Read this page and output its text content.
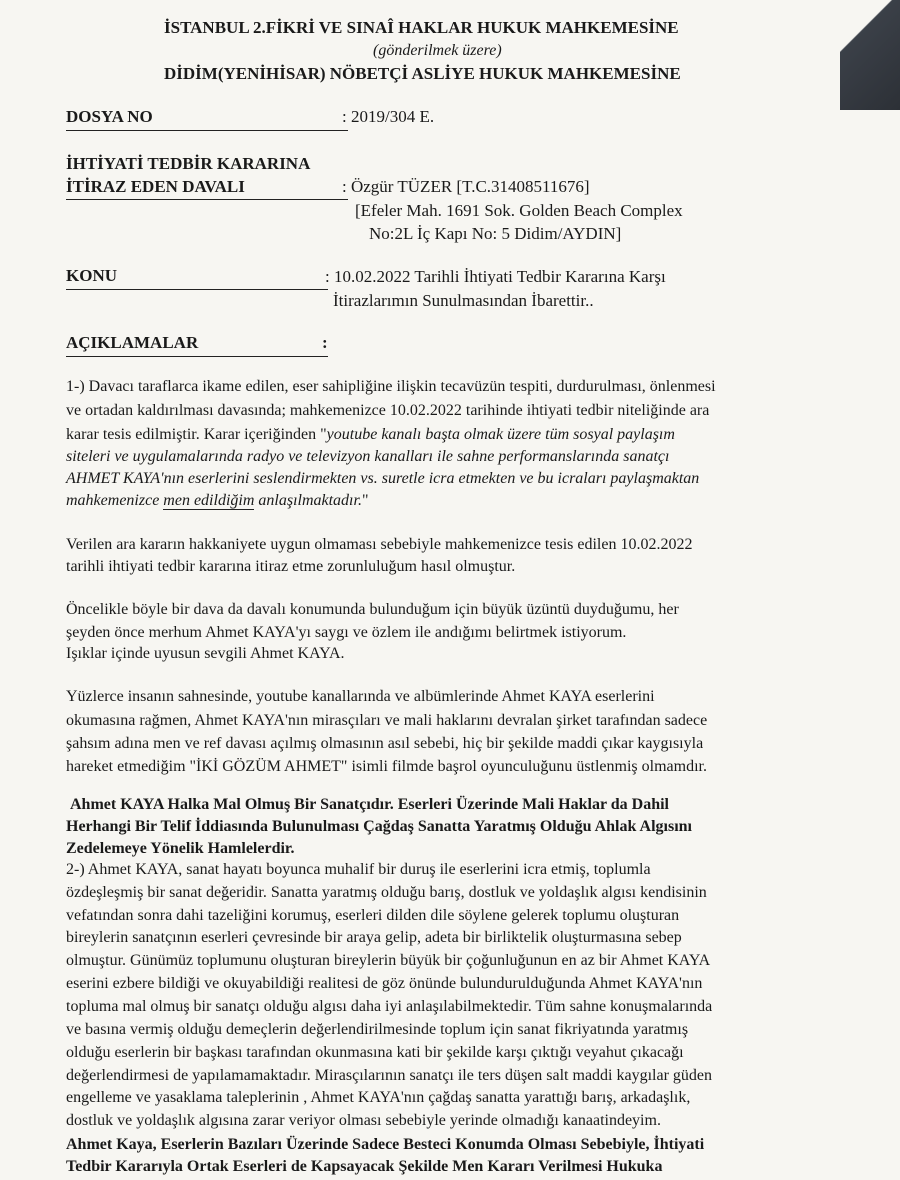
İSTANBUL 2.FİKRİ VE SINAÎ HAKLAR HUKUK MAHKEMESİNE
(gönderilmek üzere)
DİDİM(YENİHİSAR) NÖBETÇİ ASLİYE HUKUK MAHKEMESİNE
DOSYA NO	: 2019/304 E.
İHTİYATİ TEDBİR KARARINA
İTİRAZ EDEN DAVALI	: Özgür TÜZER [T.C.31408511676]
[Efeler Mah. 1691 Sok. Golden Beach Complex
No:2L İç Kapı No: 5 Didim/AYDIN]
KONU	: 10.02.2022 Tarihli İhtiyati Tedbir Kararına Karşı
İtirazlarımın Sunulmasından İbarettir..
AÇIKLAMALAR	:
1-) Davacı taraflarca ikame edilen, eser sahipliğine ilişkin tecavüzün tespiti, durdurulması, önlenmesi
ve ortadan kaldırılması davasında; mahkemenizce 10.02.2022 tarihinde ihtiyati tedbir niteliğinde ara
karar tesis edilmiştir. Karar içeriğinden "youtube kanalı başta olmak üzere tüm sosyal paylaşım
siteleri ve uygulamalarında radyo ve televizyon kanalları ile sahne performanslarında sanatçı
AHMET KAYA'nın eserlerini seslendirmekten vs. suretle icra etmekten ve bu icraları paylaşmaktan
mahkemenizce men edildiğim anlaşılmaktadır."
Verilen ara kararın hakkaniyete uygun olmaması sebebiyle mahkemenizce tesis edilen 10.02.2022
tarihli ihtiyati tedbir kararına itiraz etme zorunluluğum hasıl olmuştur.
Öncelikle böyle bir dava da davalı konumunda bulunduğum için büyük üzüntü duyduğumu, her
şeyden önce merhum Ahmet KAYA'yı saygı ve özlem ile andığımı belirtmek istiyorum.
Işıklar içinde uyusun sevgili Ahmet KAYA.
Yüzlerce insanın sahnesinde, youtube kanallarında ve albümlerinde Ahmet KAYA eserlerini
okumasına rağmen, Ahmet KAYA'nın mirasçıları ve mali haklarını devralan şirket tarafından sadece
şahsım adına men ve ref davası açılmış olmasının asıl sebebi, hiç bir şekilde maddi çıkar kaygısıyla
hareket etmediğim "İKİ GÖZÜM AHMET" isimli filmde başrol oyunculuğunu üstlenmiş olmamdır.
Ahmet KAYA Halka Mal Olmuş Bir Sanatçıdır. Eserleri Üzerinde Mali Haklar da Dahil
Herhangi Bir Telif İddiasında Bulunulması Çağdaş Sanatta Yaratmış Olduğu Ahlak Algısını
Zedelemeye Yönelik Hamlelerdir.
2-) Ahmet KAYA, sanat hayatı boyunca muhalif bir duruş ile eserlerini icra etmiş, toplumla
özdeşleşmiş bir sanat değeridir. Sanatta yaratmış olduğu barış, dostluk ve yoldaşlık algısı kendisinin
vefatından sonra dahi tazeliğini korumuş, eserleri dilden dile söylene gelerek toplumu oluşturan
bireylerin sanatçının eserleri çevresinde bir araya gelip, adeta bir birliktelik oluşturmasına sebep
olmuştur. Günümüz toplumunu oluşturan bireylerin büyük bir çoğunluğunun en az bir Ahmet KAYA
eserini ezbere bildiği ve okuyabildiği realitesi de göz önünde bulundurulduğunda Ahmet KAYA'nın
topluma mal olmuş bir sanatçı olduğu algısı daha iyi anlaşılabilmektedir. Tüm sahne konuşmalarında
ve basına vermiş olduğu demeçlerin değerlendirilmesinde toplum için sanat fikriyatında yaratmış
olduğu eserlerin bir başkası tarafından okunmasına kati bir şekilde karşı çıktığı veyahut çıkacağı
değerlendirmesi de yapılamamaktadır. Mirasçılarının sanatçı ile ters düşen salt maddi kaygılar güden
engelleme ve yasaklama taleplerinin , Ahmet KAYA'nın çağdaş sanatta yarattığı barış, arkadaşlık,
dostluk ve yoldaşlık algısına zarar veriyor olması sebebiyle yerinde olmadığı kanaatindeyim.
Ahmet Kaya, Eserlerin Bazıları Üzerinde Sadece Besteci Konumda Olması Sebebiyle, İhtiyati
Tedbir Kararıyla Ortak Eserleri de Kapsayacak Şekilde Men Kararı Verilmesi Hukuka
